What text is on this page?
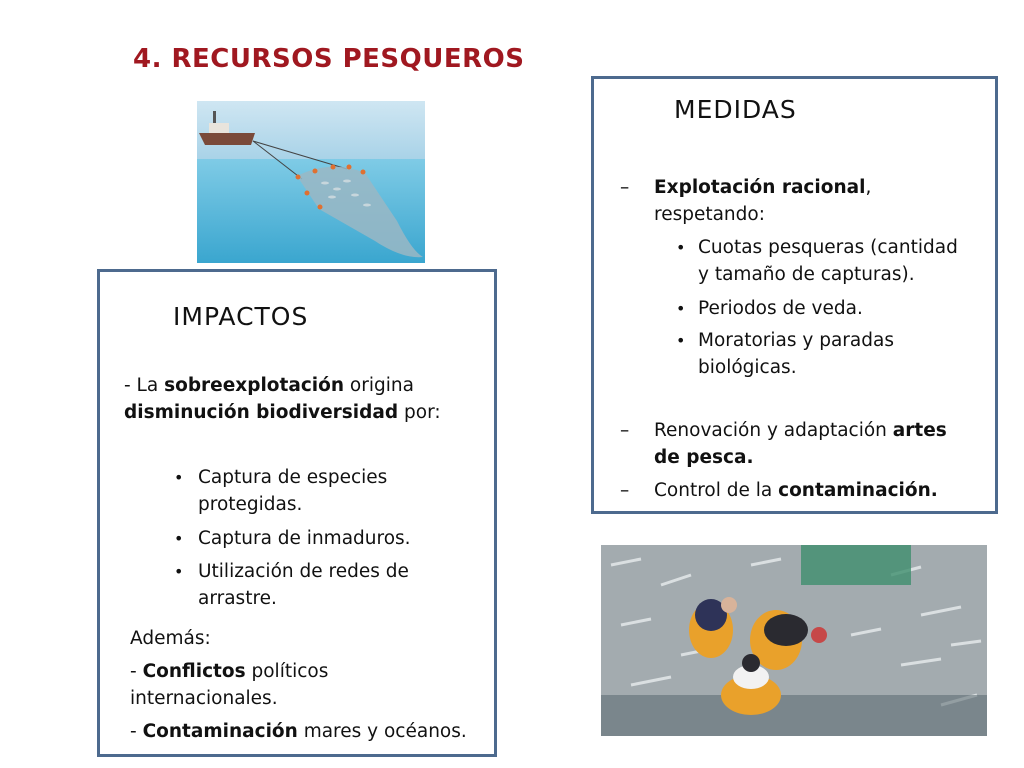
4. RECURSOS PESQUEROS
MEDIDAS
– Explotación racional,
respetando:
• Cuotas pesqueras (cantidad
y tamaño de capturas).
• Periodos de veda.
• Moratorias y paradas
biológicas.
– Renovación y adaptación artes
de pesca.
– Control de la contaminación.
IMPACTOS
- La sobreexplotación origina
disminución biodiversidad por:
• Captura de especies
protegidas.
• Captura de inmaduros.
• Utilización de redes de
arrastre.
Además:
- Conflictos políticos
internacionales.
- Contaminación mares y océanos.
